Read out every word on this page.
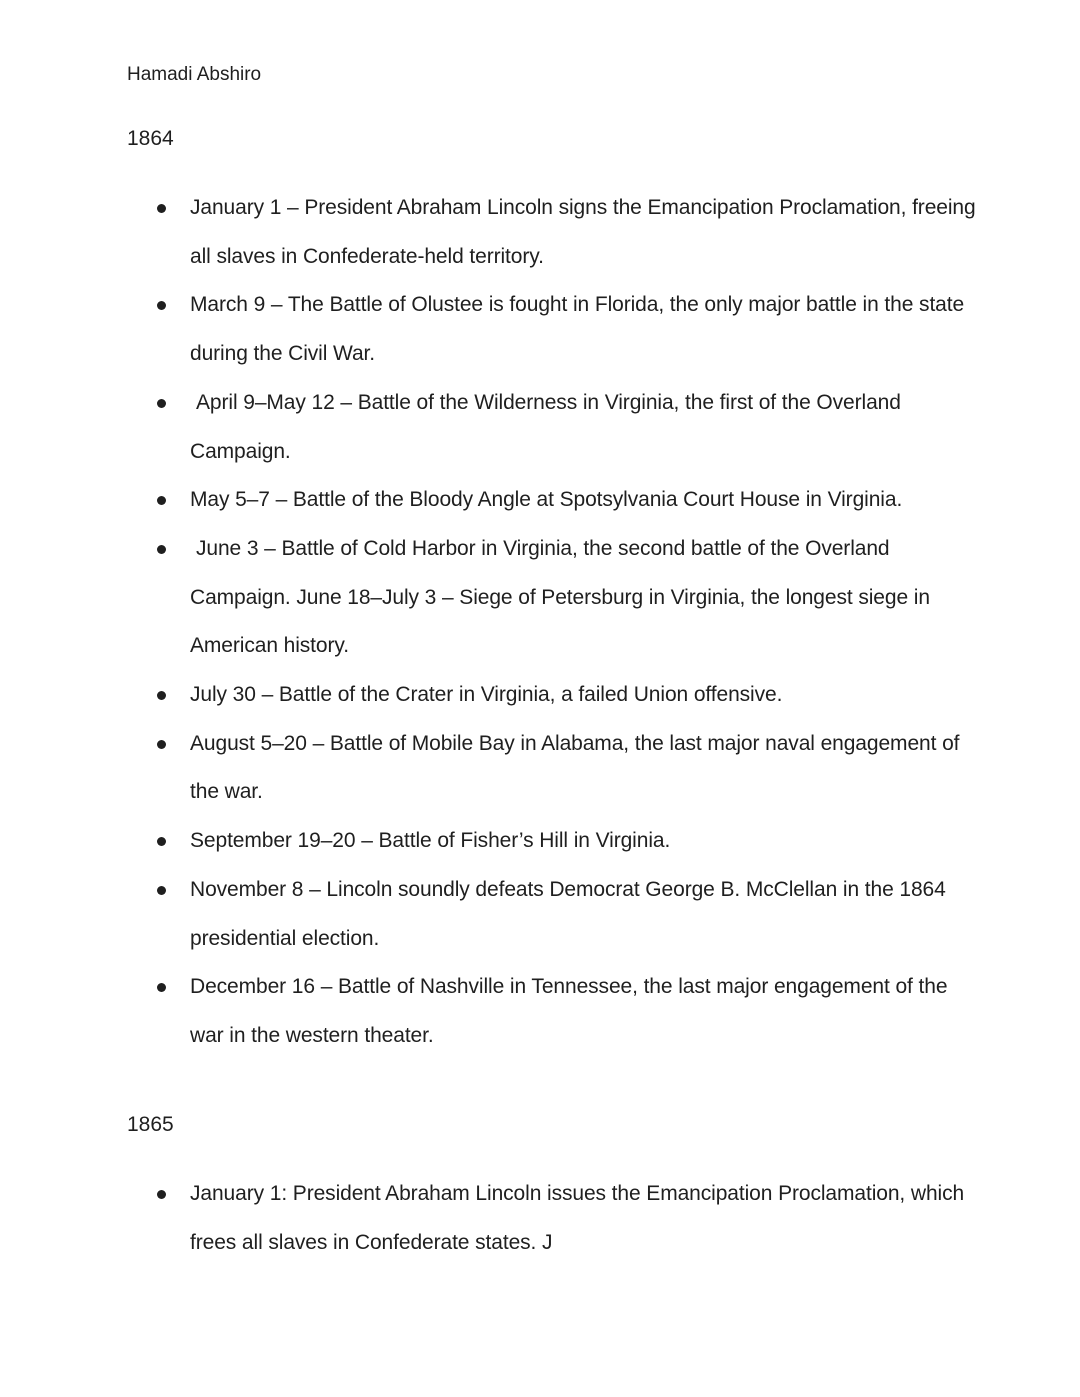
Hamadi Abshiro
1864
January 1 – President Abraham Lincoln signs the Emancipation Proclamation, freeing all slaves in Confederate-held territory.
March 9 – The Battle of Olustee is fought in Florida, the only major battle in the state during the Civil War.
April 9–May 12 – Battle of the Wilderness in Virginia, the first of the Overland Campaign.
May 5–7 – Battle of the Bloody Angle at Spotsylvania Court House in Virginia.
June 3 – Battle of Cold Harbor in Virginia, the second battle of the Overland Campaign. June 18–July 3 – Siege of Petersburg in Virginia, the longest siege in American history.
July 30 – Battle of the Crater in Virginia, a failed Union offensive.
August 5–20 – Battle of Mobile Bay in Alabama, the last major naval engagement of the war.
September 19–20 – Battle of Fisher’s Hill in Virginia.
November 8 – Lincoln soundly defeats Democrat George B. McClellan in the 1864 presidential election.
December 16 – Battle of Nashville in Tennessee, the last major engagement of the war in the western theater.
1865
January 1: President Abraham Lincoln issues the Emancipation Proclamation, which frees all slaves in Confederate states. J
